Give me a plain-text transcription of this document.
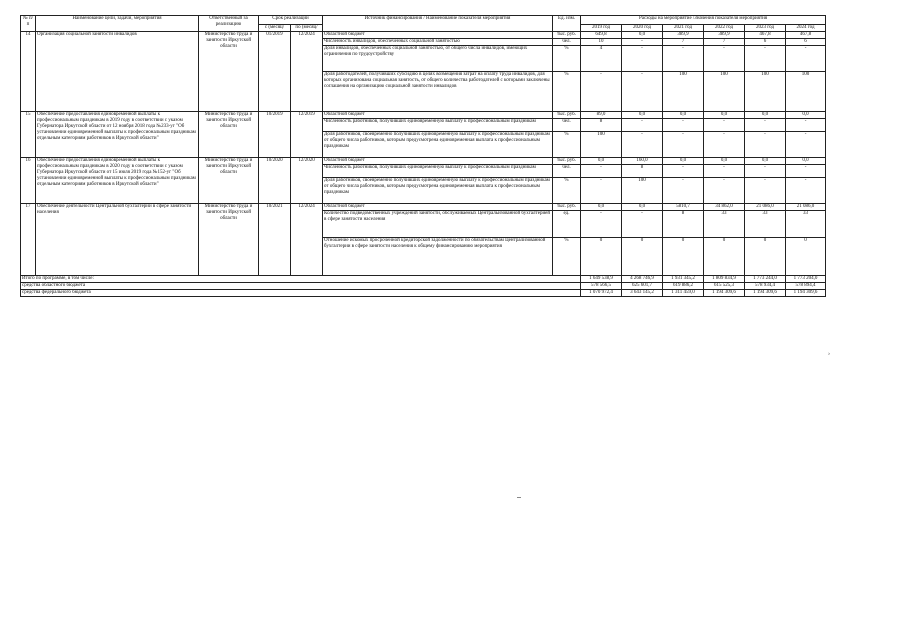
№ п/п	Наименование цели, задачи, мероприятия	Ответственный за реализацию	Срок реализации		Источник финансирования / Наименование показателя мероприятия	Ед. изм.	Расходы на мероприятие /Значения показателя мероприятия					
			с (месяц/	по (месяц/			2019 год	2020 год	2021 год	2022 год	2023 год	2024 год
14	Организация социальной занятости инвалидов	Министерство труда и занятости Иркутской области	01/2019	12/2024	Областной бюджет	тыс. руб.	649,8	0,0	389,9	389,9	467,8	467,8
					Численность инвалидов, обеспеченных социальной занятостью	чел.	10	-	7	7	6	6
					Доля инвалидов, обеспеченных социальной занятостью, от общего числа инвалидов, имеющих ограничения по трудоустройству	%	4	-	-	-	-	-
					Доля работодателей, получивших субсидию в целях возмещения затрат на оплату труда инвалидов, для которых организована социальная занятость, от общего количества работодателей с которыми заключены соглашения на организацию социальной занятости инвалидов	%	-	-	100	100	100	100
15	Обеспечение предоставления единовременной выплаты к профессиональным праздникам в 2019 году в соответствии с указом Губернатора Иркутской области от 12 ноября 2018 года №233-уг "Об установлении единовременной выплаты к профессиональным праздникам отдельным категориям работников в Иркутской области"	Министерство труда и занятости Иркутской области	10/2019	12/2019	Областной бюджет	тыс. руб.	89,0	0,0	0,0	0,0	0,0	0,0
					Численность работников, получивших единовременную выплату к профессиональным праздникам	чел.	8	-	-	-	-	-
					Доля работников, своевременно получивших единовременную выплату к профессиональным праздникам от общего числа работников, которым предусмотрена единовременная выплата к профессиональным праздникам	%	100	-	-	-	-	-
16	Обеспечение предоставления единовременной выплаты к профессиональным праздникам в 2020 году в соответствии с указом Губернатора Иркутской области от 15 июля 2019 года №152-уг "Об установлении единовременной выплаты к профессиональным праздникам отдельным категориям работников в Иркутской области"	Министерство труда и занятости Иркутской области	10/2020	12/2020	Областной бюджет	тыс. руб.	0,0	160,0	0,0	0,0	0,0	0,0
					Численность работников, получивших единовременную выплату к профессиональным праздникам	чел.	-	8	-	-	-	-
					Доля работников, своевременно получивших единовременную выплату к профессиональным праздникам от общего числа работников, которым предусмотрена единовременная выплата к профессиональным праздникам	%	-	100	-	-	-	-
17	Обеспечение деятельности Центральной бухгалтерии в сфере занятости населения	Министерство труда и занятости Иркутской области	10/2021	12/2024	Областной бюджет	тыс. руб.	0,0	0,0	5810,7	34 862,0	21 086,0	21 086,0
					Количество подведомственных учреждений занятости, обслуживаемых Центральизованной бухгалтерией в сфере занятости населения	ед.	-	-	8	33	33	33
					Отношение искомых просроченной кредиторской задолженности по обязательствам Централизованной бухгалтерии в сфере занятости населения к общему финансированию мероприятия	%	0	0	0	0	0	0
Итого по программе, в том числе:							1 649 538,9	4 268 746,9	1 931 345,2	1 809 834,9	1 773 244,0	1 773 204,0
средства областного бюджета							578 566,5	625 601,7	619 886,2	615 525,3	578 934,4	578 894,4
средства федерального бюджета							1 070 972,4	3 643 145,2	1 311 459,0	1 194 309,6	1 194 309,6	1 194 309,6
›
